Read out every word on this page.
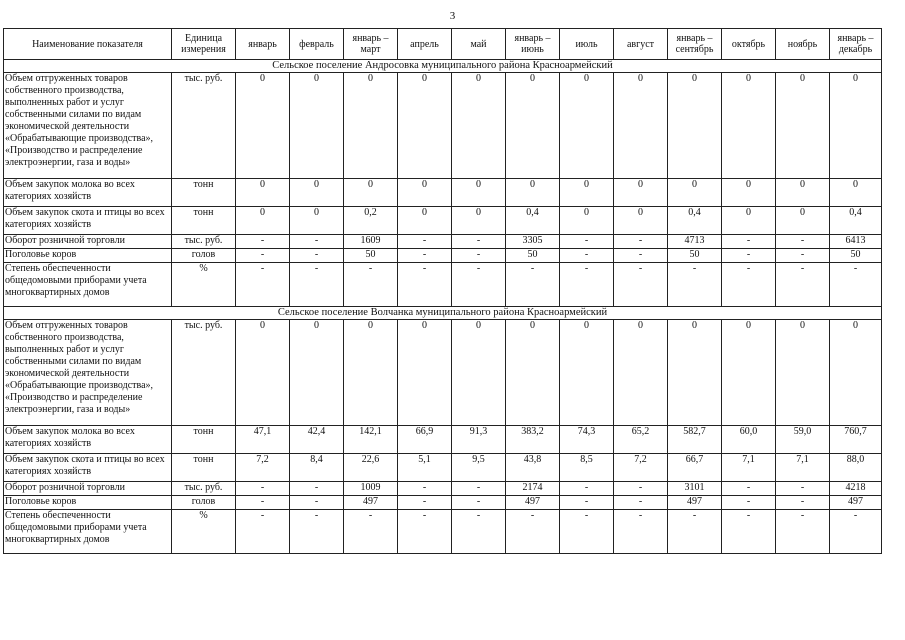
3
Наименование показателя	Единица измерения	январь	февраль	январь – март	апрель	май	январь – июнь	июль	август	январь – сентябрь	октябрь	ноябрь	январь – декабрь
Сельское поселение Андросовка муниципального района Красноармейский													
Объем отгруженных товаров собственного производства, выполненных работ и услуг собственными силами по видам экономической деятельности «Обрабатывающие производства», «Производство и распределение электроэнергии, газа и воды»	тыс. руб.	0	0	0	0	0	0	0	0	0	0	0	0
Объем закупок молока во всех категориях хозяйств	тонн	0	0	0	0	0	0	0	0	0	0	0	0
Объем закупок скота и птицы во всех категориях хозяйств	тонн	0	0	0,2	0	0	0,4	0	0	0,4	0	0	0,4
Оборот розничной торговли	тыс. руб.	-	-	1609	-	-	3305	-	-	4713	-	-	6413
Поголовье коров	голов	-	-	50	-	-	50	-	-	50	-	-	50
Степень обеспеченности общедомовыми приборами учета многоквартирных домов	%	-	-	-	-	-	-	-	-	-	-	-	-
Сельское поселение Волчанка муниципального района Красноармейский													
Объем отгруженных товаров собственного производства, выполненных работ и услуг собственными силами по видам экономической деятельности «Обрабатывающие производства», «Производство и распределение электроэнергии, газа и воды»	тыс. руб.	0	0	0	0	0	0	0	0	0	0	0	0
Объем закупок молока во всех категориях хозяйств	тонн	47,1	42,4	142,1	66,9	91,3	383,2	74,3	65,2	582,7	60,0	59,0	760,7
Объем закупок скота и птицы во всех категориях хозяйств	тонн	7,2	8,4	22,6	5,1	9,5	43,8	8,5	7,2	66,7	7,1	7,1	88,0
Оборот розничной торговли	тыс. руб.	-	-	1009	-	-	2174	-	-	3101	-	-	4218
Поголовье коров	голов	-	-	497	-	-	497	-	-	497	-	-	497
Степень обеспеченности общедомовыми приборами учета многоквартирных домов	%	-	-	-	-	-	-	-	-	-	-	-	-
